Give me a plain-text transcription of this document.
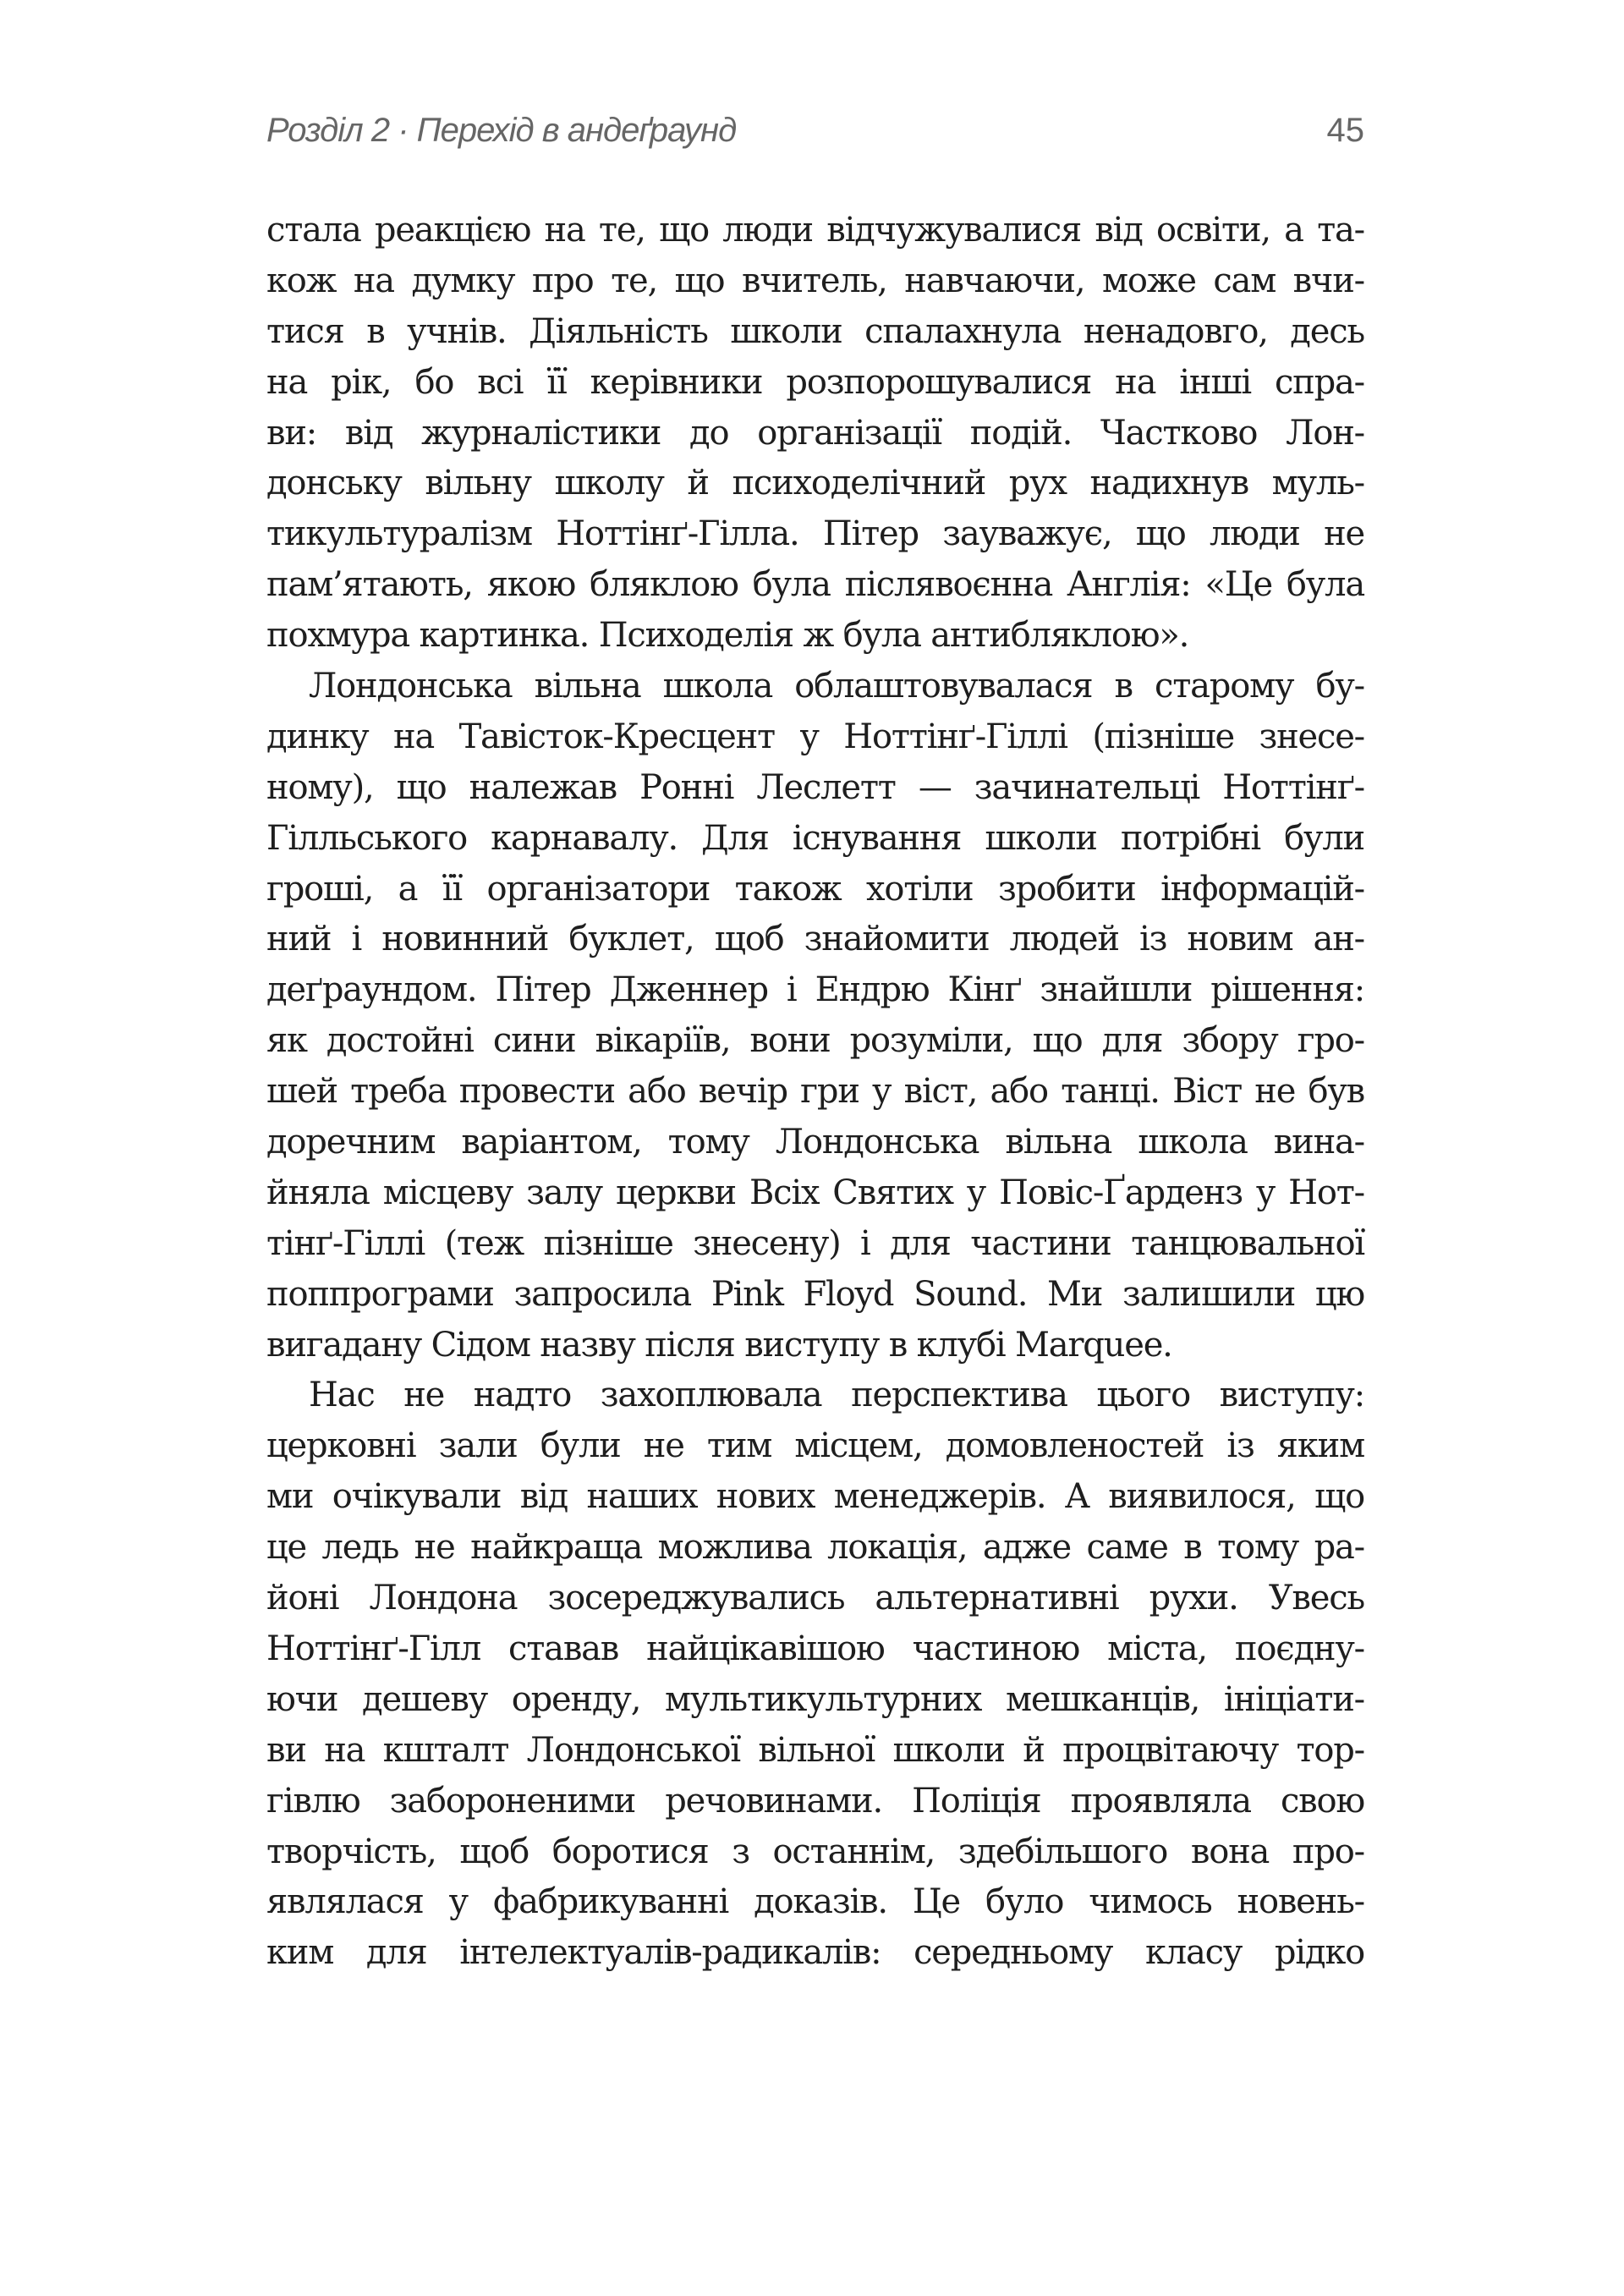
Розділ 2 · Перехід в андеґраунд	45
стала реакцією на те, що люди відчужувалися від освіти, а та-
кож на думку про те, що вчитель, навчаючи, може сам вчи-
тися в учнів. Діяльність школи спалахнула ненадовго, десь
на рік, бо всі її керівники розпорошувалися на інші спра-
ви: від журналістики до організації подій. Частково Лон-
донську вільну школу й психоделічний рух надихнув муль-
тикультуралізм Ноттінґ-Гілла. Пітер зауважує, що люди не
пам’ятають, якою бляклою була післявоєнна Англія: «Це була
похмура картинка. Психоделія ж була антибляклою».
Лондонська вільна школа облаштовувалася в старому бу-
динку на Тавісток-Кресцент у Ноттінґ-Гіллі (пізніше знесе-
ному), що належав Ронні Леслетт — зачинательці Ноттінґ-
Гілльського карнавалу. Для існування школи потрібні були
гроші, а її організатори також хотіли зробити інформацій-
ний і новинний буклет, щоб знайомити людей із новим ан-
деґраундом. Пітер Дженнер і Ендрю Кінґ знайшли рішення:
як достойні сини вікаріїв, вони розуміли, що для збору гро-
шей треба провести або вечір гри у віст, або танці. Віст не був
доречним варіантом, тому Лондонська вільна школа вина-
йняла місцеву залу церкви Всіх Святих у Повіс-Ґарденз у Нот-
тінґ-Гіллі (теж пізніше знесену) і для частини танцювальної
поппрограми запросила Pink Floyd Sound. Ми залишили цю
вигадану Сідом назву після виступу в клубі Marquee.
Нас не надто захоплювала перспектива цього виступу:
церковні зали були не тим місцем, домовленостей із яким
ми очікували від наших нових менеджерів. А виявилося, що
це ледь не найкраща можлива локація, адже саме в тому ра-
йоні Лондона зосереджувались альтернативні рухи. Увесь
Ноттінґ-Гілл ставав найцікавішою частиною міста, поєдну-
ючи дешеву оренду, мультикультурних мешканців, ініціати-
ви на кшталт Лондонської вільної школи й процвітаючу тор-
гівлю забороненими речовинами. Поліція проявляла свою
творчість, щоб боротися з останнім, здебільшого вона про-
являлася у фабрикуванні доказів. Це було чимось новень-
ким для інтелектуалів-радикалів: середньому класу рідко
